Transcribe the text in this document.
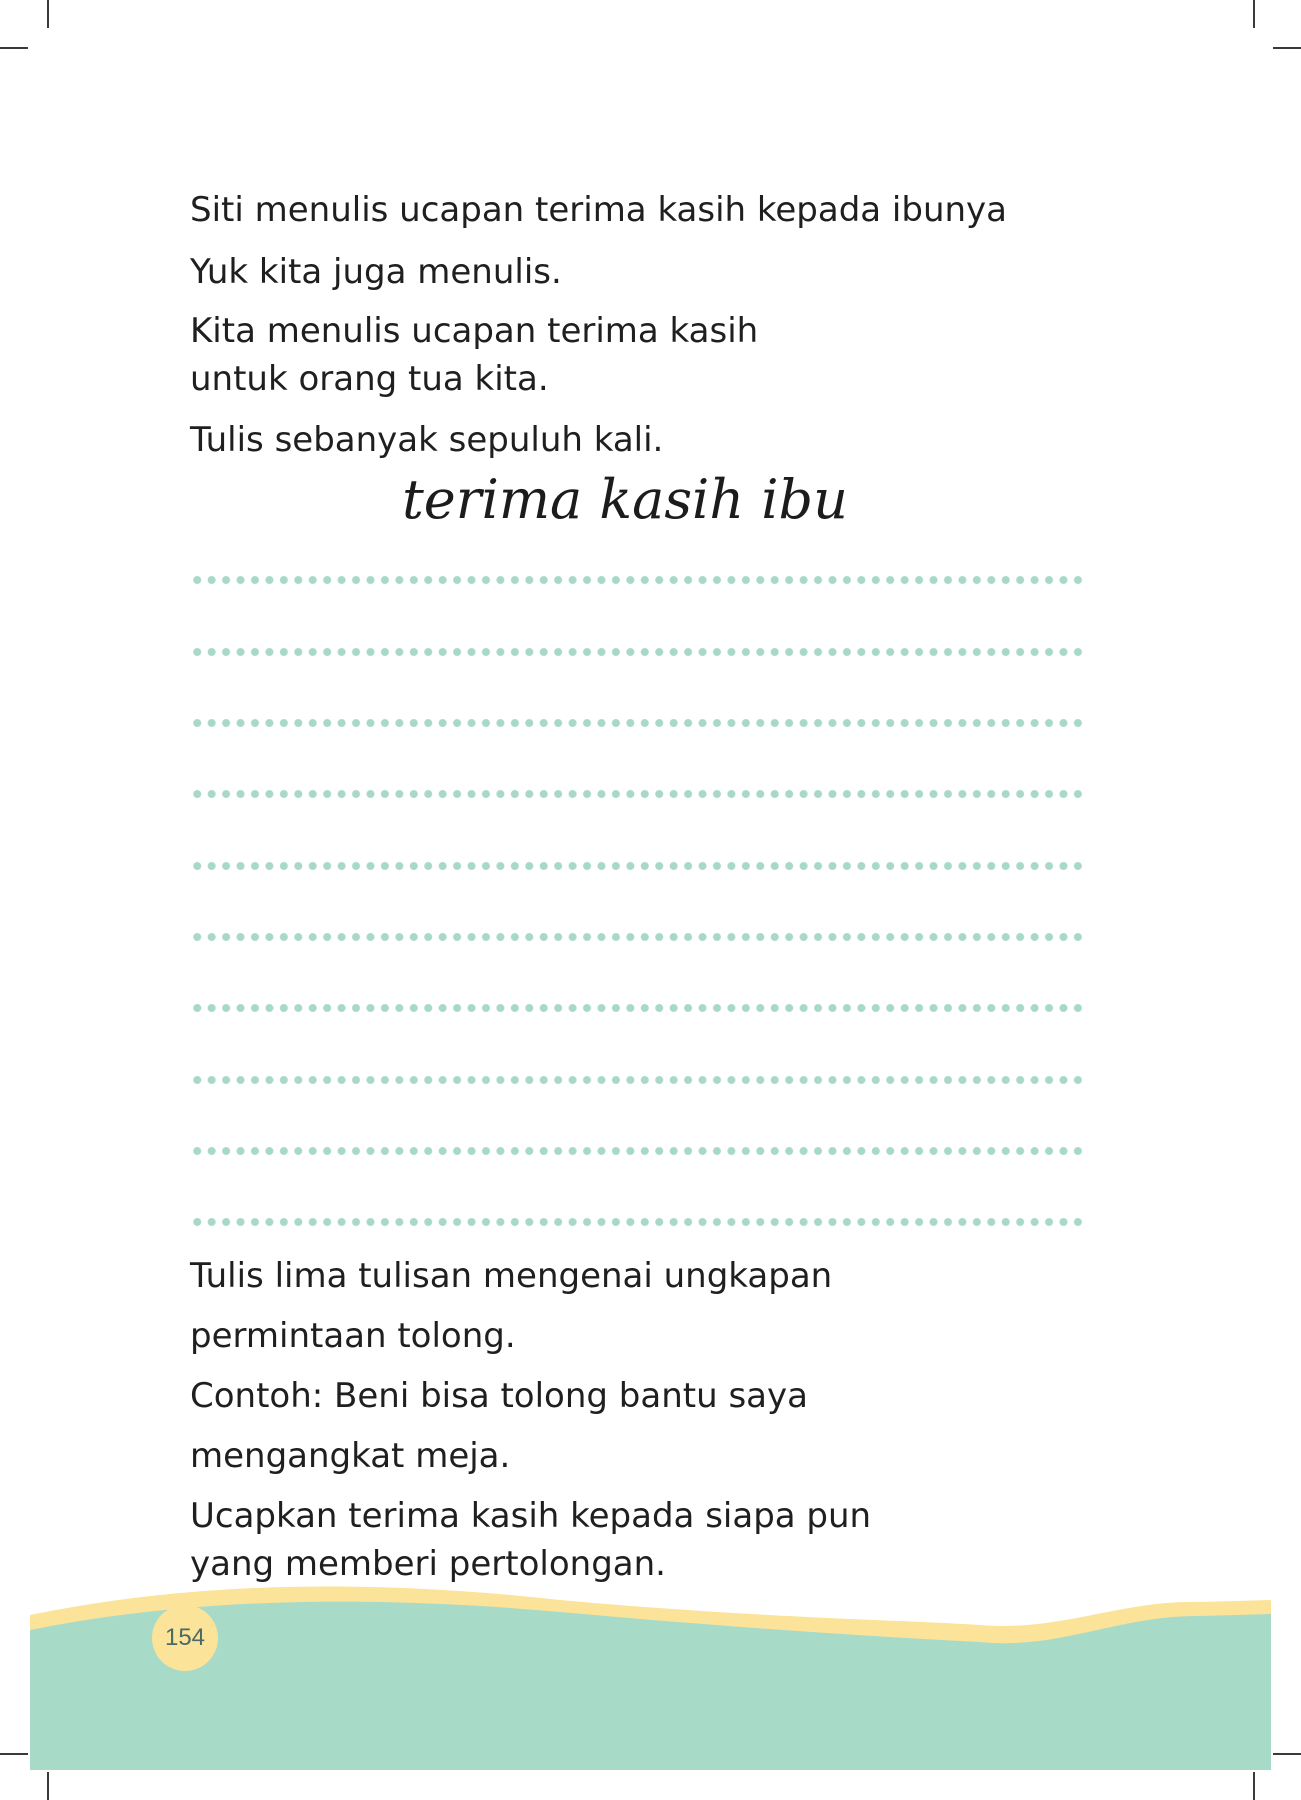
Siti menulis ucapan terima kasih kepada ibunya

Yuk kita juga menulis.

Kita menulis ucapan terima kasih

untuk orang tua kita.

Tulis sebanyak sepuluh kali.

terima kasih ibu

Tulis lima tulisan mengenai ungkapan

permintaan tolong.

Contoh: Beni bisa tolong bantu saya

mengangkat meja.

Ucapkan terima kasih kepada siapa pun

yang memberi pertolongan.

154
